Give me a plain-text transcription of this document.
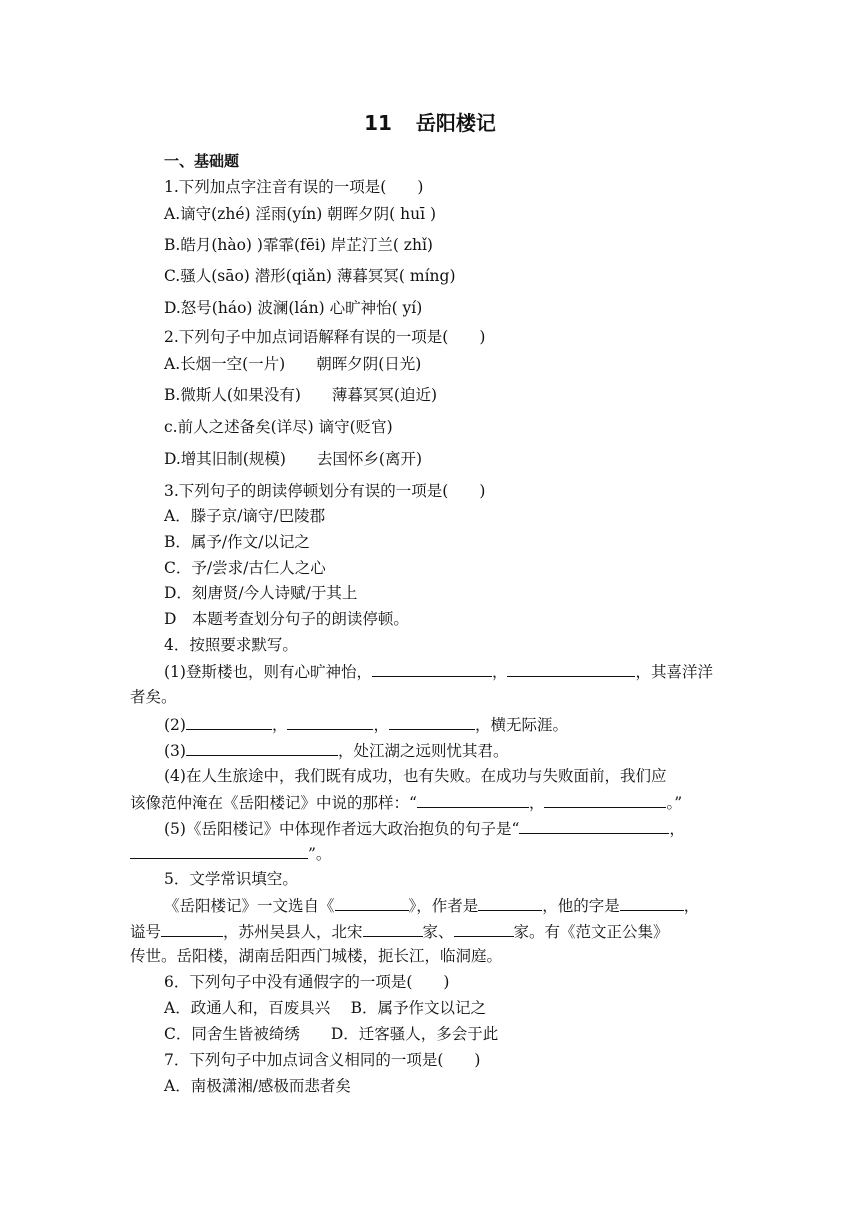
11 岳阳楼记
一、基础题
1.下列加点字注音有误的一项是(　　)
A.谪守(zhé) 淫雨(yín) 朝晖夕阴( huī )
B.皓月(hào) )霏霏(fēi) 岸芷汀兰( zhǐ)
C.骚人(sāo) 潜形(qiǎn) 薄暮冥冥( míng)
D.怒号(háo) 波澜(lán) 心旷神怡( yí)
2.下列句子中加点词语解释有误的一项是(　　)
A.长烟一空(一片)　　朝晖夕阴(日光)
B.微斯人(如果没有)　　薄暮冥冥(迫近)
c.前人之述备矣(详尽) 谪守(贬官)
D.增其旧制(规模)　　去国怀乡(离开)
3.下列句子的朗读停顿划分有误的一项是(　　)
A．滕子京/谪守/巴陵郡
B．属予/作文/以记之
C．予/尝求/古仁人之心
D．刻唐贤/今人诗赋/于其上
D　本题考查划分句子的朗读停顿。
4．按照要求默写。
(1)登斯楼也，则有心旷神怡，	，	，其喜洋洋
者矣。
(2)	，	，	，横无际涯。
(3)	，处江湖之远则忧其君。
(4)在人生旅途中，我们既有成功，也有失败。在成功与失败面前，我们应
该像范仲淹在《岳阳楼记》中说的那样：“	，	。”
(5)《岳阳楼记》中体现作者远大政治抱负的句子是“	，
”。
5．文学常识填空。
《岳阳楼记》一文选自《	》，作者是	，他的字是	，
谥号	，苏州吴县人，北宋	家、	家。有《范文正公集》
传世。岳阳楼，湖南岳阳西门城楼，扼长江，临洞庭。
6．下列句子中没有通假字的一项是(　　)
A．政通人和，百废具兴　 B．属予作文以记之
C．同舍生皆被绮绣　　D．迁客骚人，多会于此
7．下列句子中加点词含义相同的一项是(　　)
A．南极潇湘/感极而悲者矣
